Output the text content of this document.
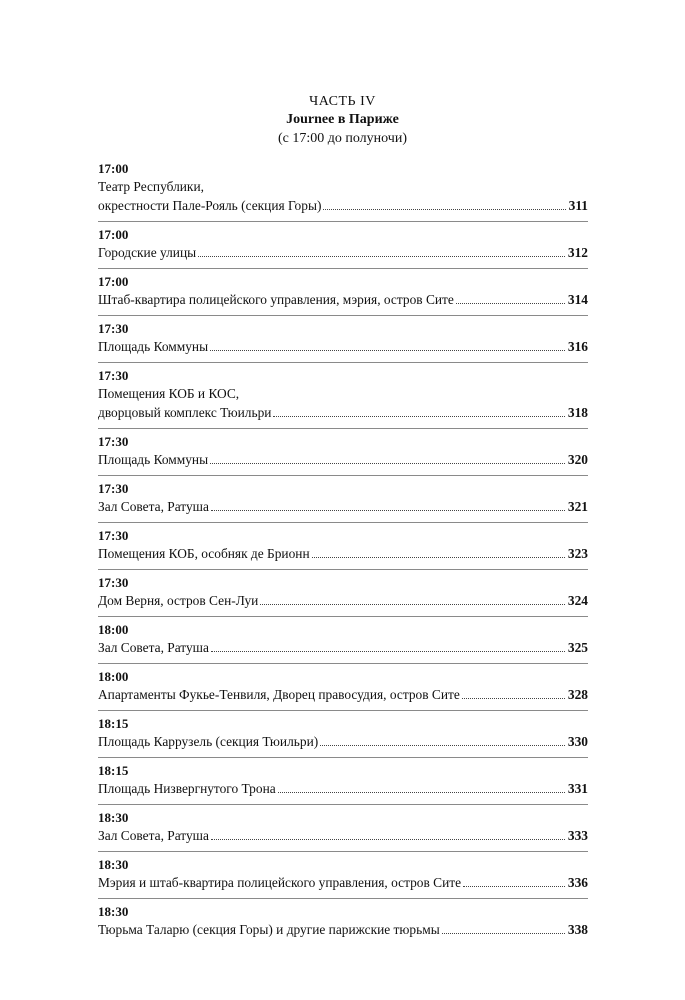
ЧАСТЬ IV
Journee в Париже
(с 17:00 до полуночи)
17:00
Театр Республики,
окрестности Пале-Рояль (секция Горы)	311
17:00
Городские улицы	312
17:00
Штаб-квартира полицейского управления, мэрия, остров Сите	314
17:30
Площадь Коммуны	316
17:30
Помещения КОБ и КОС,
дворцовый комплекс Тюильри	318
17:30
Площадь Коммуны	320
17:30
Зал Совета, Ратуша	321
17:30
Помещения КОБ, особняк де Брионн	323
17:30
Дом Верня, остров Сен-Луи	324
18:00
Зал Совета, Ратуша	325
18:00
Апартаменты Фукье-Тенвиля, Дворец правосудия, остров Сите	328
18:15
Площадь Каррузель (секция Тюильри)	330
18:15
Площадь Низвергнутого Трона	331
18:30
Зал Совета, Ратуша	333
18:30
Мэрия и штаб-квартира полицейского управления, остров Сите	336
18:30
Тюрьма Таларю (секция Горы) и другие парижские тюрьмы	338
